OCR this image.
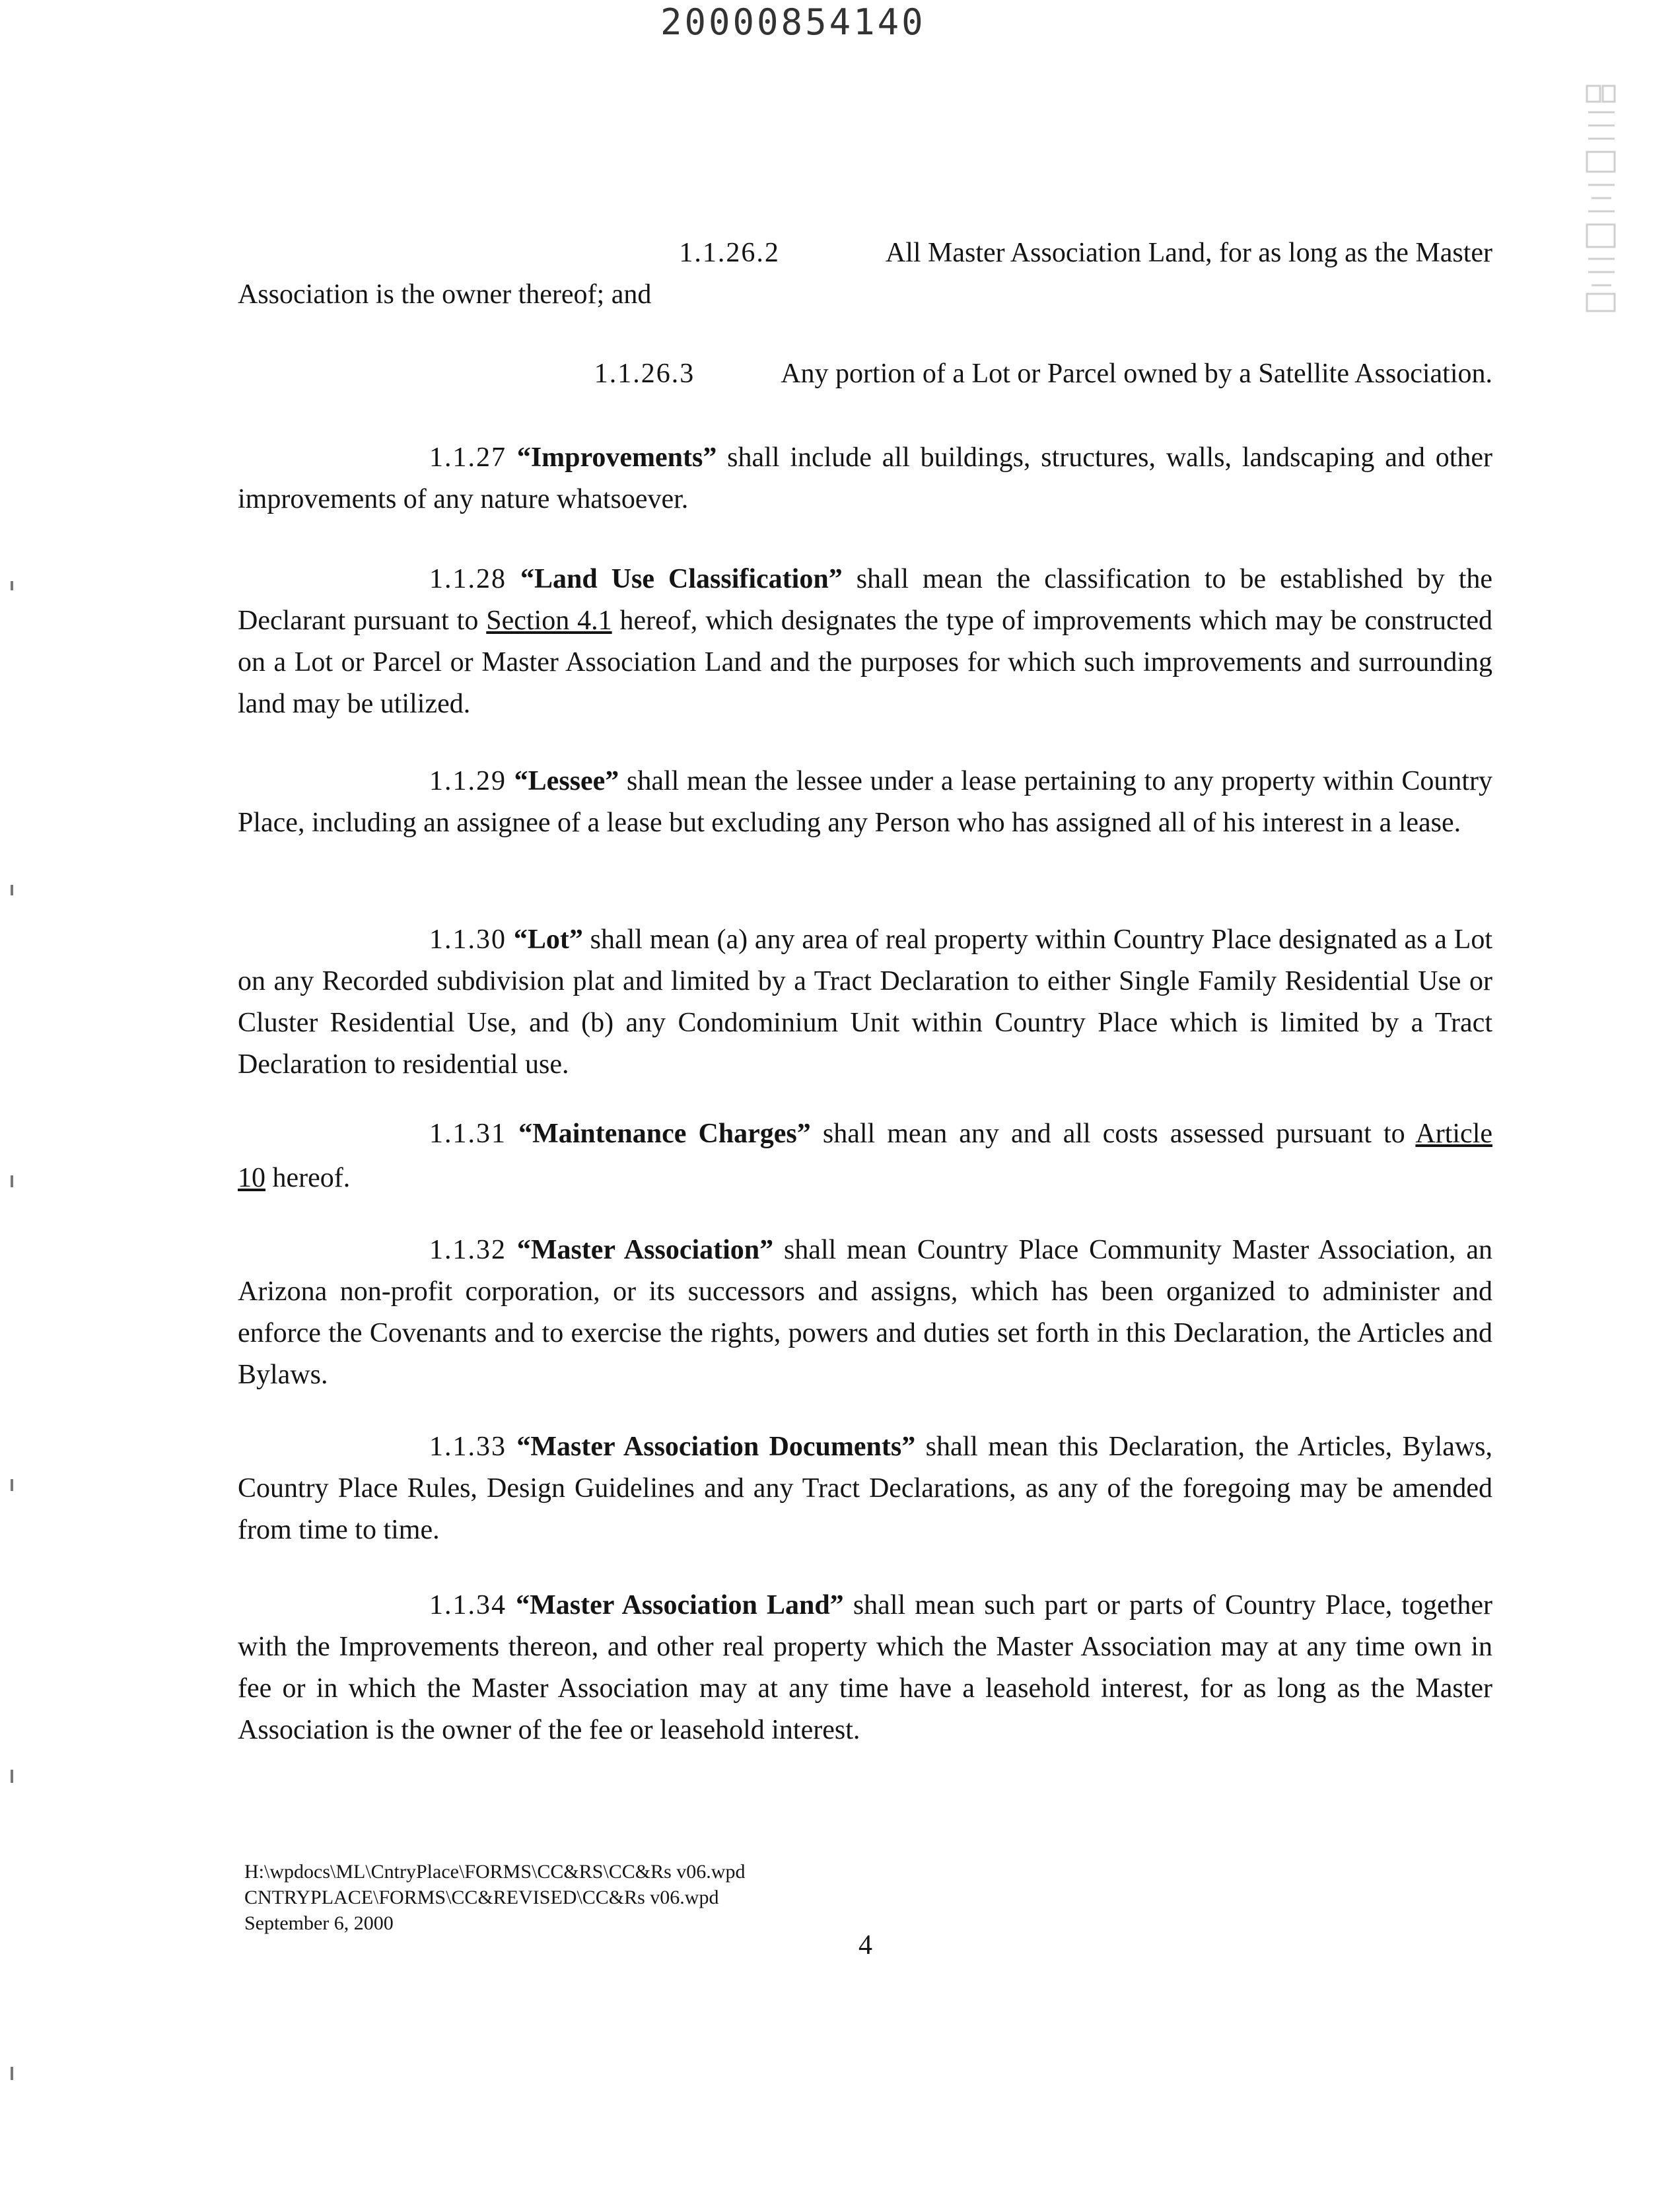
20000854140

1.1.26.2	All Master Association Land, for as long as the Master

Association is the owner thereof; and

1.1.26.3	Any portion of a Lot or Parcel owned by a Satellite Association.

1.1.27 “Improvements” shall include all buildings, structures, walls, landscaping and other improvements of any nature whatsoever.

1.1.28 “Land Use Classification” shall mean the classification to be established by the Declarant pursuant to Section 4.1 hereof, which designates the type of improvements which may be constructed on a Lot or Parcel or Master Association Land and the purposes for which such improvements and surrounding land may be utilized.

1.1.29 “Lessee” shall mean the lessee under a lease pertaining to any property within Country Place, including an assignee of a lease but excluding any Person who has assigned all of his interest in a lease.

1.1.30 “Lot” shall mean (a) any area of real property within Country Place designated as a Lot on any Recorded subdivision plat and limited by a Tract Declaration to either Single Family Residential Use or Cluster Residential Use, and (b) any Condominium Unit within Country Place which is limited by a Tract Declaration to residential use.

1.1.31 “Maintenance Charges” shall mean any and all costs assessed pursuant to Article

10 hereof.

1.1.32 “Master Association” shall mean Country Place Community Master Association, an Arizona non-profit corporation, or its successors and assigns, which has been organized to administer and enforce the Covenants and to exercise the rights, powers and duties set forth in this Declaration, the Articles and Bylaws.

1.1.33 “Master Association Documents” shall mean this Declaration, the Articles, Bylaws, Country Place Rules, Design Guidelines and any Tract Declarations, as any of the foregoing may be amended from time to time.

1.1.34 “Master Association Land” shall mean such part or parts of Country Place, together with the Improvements thereon, and other real property which the Master Association may at any time own in fee or in which the Master Association may at any time have a leasehold interest, for as long as the Master Association is the owner of the fee or leasehold interest.

H:\wpdocs\ML\CntryPlace\FORMS\CC&RS\CC&Rs v06.wpd
CNTRYPLACE\FORMS\CC&REVISED\CC&Rs v06.wpd
September 6, 2000
4
